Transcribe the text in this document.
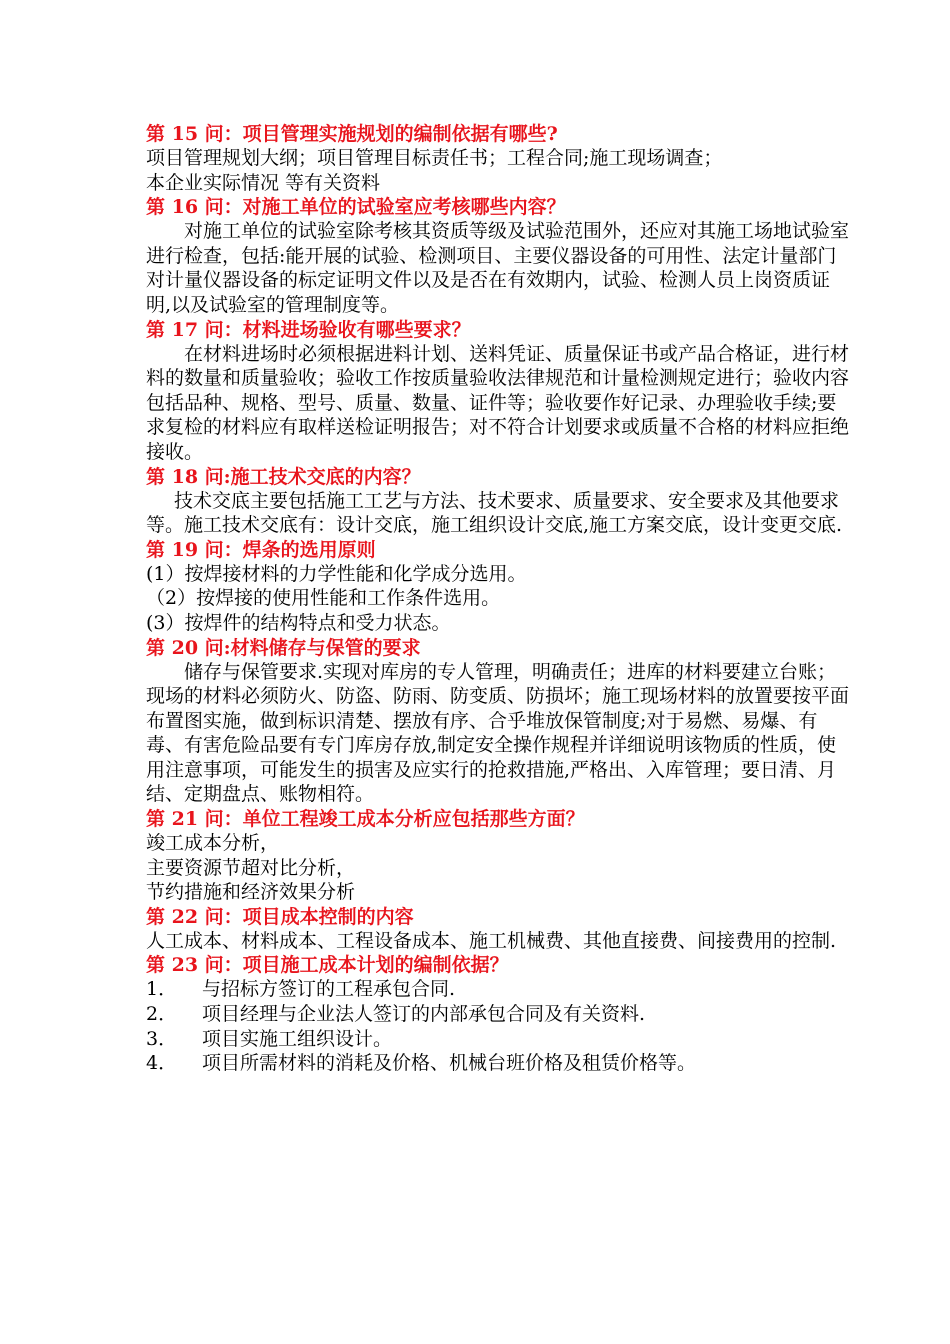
第 15 问：项目管理实施规划的编制依据有哪些?

项目管理规划大纲；项目管理目标责任书；工程合同;施工现场调查；

本企业实际情况 等有关资料

第 16 问：对施工单位的试验室应考核哪些内容？

对施工单位的试验室除考核其资质等级及试验范围外，还应对其施工场地试验室进行检查，包括:能开展的试验、检测项目、主要仪器设备的可用性、法定计量部门对计量仪器设备的标定证明文件以及是否在有效期内，试验、检测人员上岗资质证明,以及试验室的管理制度等。

第 17 问：材料进场验收有哪些要求？

在材料进场时必须根据进料计划、送料凭证、质量保证书或产品合格证，进行材料的数量和质量验收；验收工作按质量验收法律规范和计量检测规定进行；验收内容包括品种、规格、型号、质量、数量、证件等；验收要作好记录、办理验收手续;要求复检的材料应有取样送检证明报告；对不符合计划要求或质量不合格的材料应拒绝接收。

第 18 问:施工技术交底的内容？

技术交底主要包括施工工艺与方法、技术要求、质量要求、安全要求及其他要求等。施工技术交底有：设计交底，施工组织设计交底,施工方案交底，设计变更交底.

第 19 问：焊条的选用原则

(1）按焊接材料的力学性能和化学成分选用。

（2）按焊接的使用性能和工作条件选用。

(3）按焊件的结构特点和受力状态。

第 20 问:材料储存与保管的要求

储存与保管要求.实现对库房的专人管理，明确责任；进库的材料要建立台账；现场的材料必须防火、防盗、防雨、防变质、防损坏；施工现场材料的放置要按平面布置图实施，做到标识清楚、摆放有序、合乎堆放保管制度;对于易燃、易爆、有毒、有害危险品要有专门库房存放,制定安全操作规程并详细说明该物质的性质，使用注意事项，可能发生的损害及应实行的抢救措施,严格出、入库管理；要日清、月结、定期盘点、账物相符。

第 21 问：单位工程竣工成本分析应包括那些方面？

竣工成本分析，

主要资源节超对比分析，

节约措施和经济效果分析

第 22 问：项目成本控制的内容

人工成本、材料成本、工程设备成本、施工机械费、其他直接费、间接费用的控制.

第 23 问：项目施工成本计划的编制依据？
1．	与招标方签订的工程承包合同.
2．	项目经理与企业法人签订的内部承包合同及有关资料.
3．	项目实施工组织设计。
4．	项目所需材料的消耗及价格、机械台班价格及租赁价格等。
